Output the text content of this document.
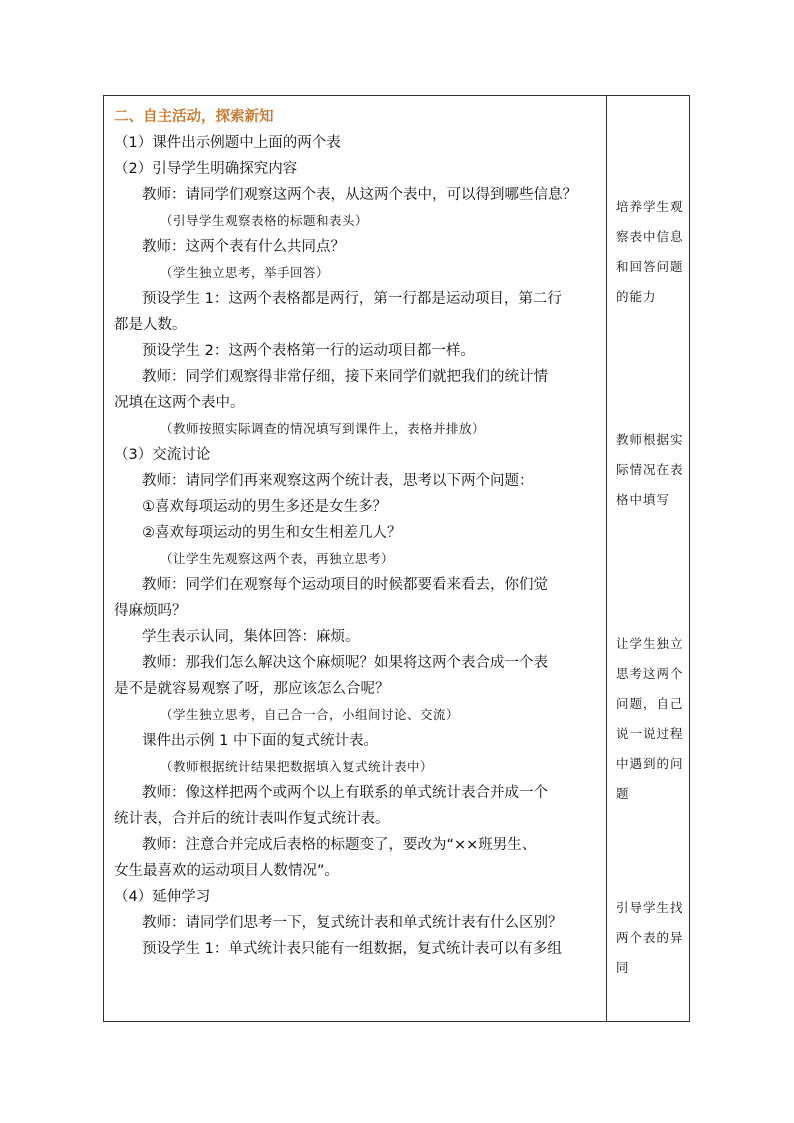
二、自主活动，探索新知
（1）课件出示例题中上面的两个表
（2）引导学生明确探究内容
教师：请同学们观察这两个表，从这两个表中，可以得到哪些信息？
（引导学生观察表格的标题和表头）
教师：这两个表有什么共同点？
（学生独立思考，举手回答）
预设学生 1：这两个表格都是两行，第一行都是运动项目，第二行
都是人数。
预设学生 2：这两个表格第一行的运动项目都一样。
教师：同学们观察得非常仔细，接下来同学们就把我们的统计情
况填在这两个表中。
（教师按照实际调查的情况填写到课件上，表格并排放）
（3）交流讨论
教师：请同学们再来观察这两个统计表，思考以下两个问题：
①喜欢每项运动的男生多还是女生多？
②喜欢每项运动的男生和女生相差几人？
（让学生先观察这两个表，再独立思考）
教师：同学们在观察每个运动项目的时候都要看来看去，你们觉
得麻烦吗？
学生表示认同，集体回答：麻烦。
教师：那我们怎么解决这个麻烦呢？如果将这两个表合成一个表
是不是就容易观察了呀，那应该怎么合呢？
（学生独立思考，自己合一合，小组间讨论、交流）
课件出示例 1 中下面的复式统计表。
（教师根据统计结果把数据填入复式统计表中）
教师：像这样把两个或两个以上有联系的单式统计表合并成一个
统计表，合并后的统计表叫作复式统计表。
教师：注意合并完成后表格的标题变了，要改为“××班男生、
女生最喜欢的运动项目人数情况”。
（4）延伸学习
教师：请同学们思考一下，复式统计表和单式统计表有什么区别？
预设学生 1：单式统计表只能有一组数据，复式统计表可以有多组
培养学生观察表中信息和回答问题的能力
教师根据实际情况在表格中填写
让学生独立思考这两个问题，自己说一说过程中遇到的问题
引导学生找两个表的异同
